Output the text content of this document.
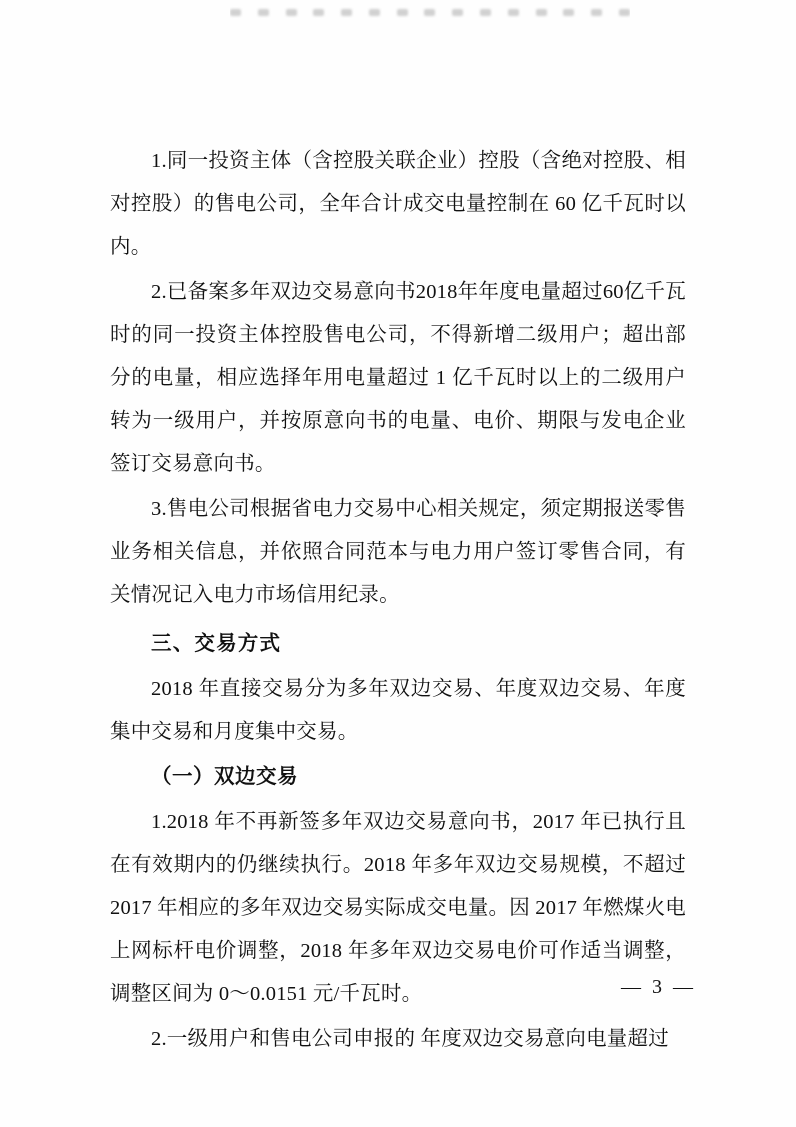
1.同一投资主体（含控股关联企业）控股（含绝对控股、相对控股）的售电公司，全年合计成交电量控制在 60 亿千瓦时以内。

2.已备案多年双边交易意向书2018年年度电量超过60亿千瓦时的同一投资主体控股售电公司，不得新增二级用户；超出部分的电量，相应选择年用电量超过 1 亿千瓦时以上的二级用户转为一级用户，并按原意向书的电量、电价、期限与发电企业签订交易意向书。

3.售电公司根据省电力交易中心相关规定，须定期报送零售业务相关信息，并依照合同范本与电力用户签订零售合同，有关情况记入电力市场信用纪录。

三、交易方式

2018 年直接交易分为多年双边交易、年度双边交易、年度集中交易和月度集中交易。

（一）双边交易

1.2018 年不再新签多年双边交易意向书，2017 年已执行且在有效期内的仍继续执行。2018 年多年双边交易规模，不超过 2017 年相应的多年双边交易实际成交电量。因 2017 年燃煤火电上网标杆电价调整，2018 年多年双边交易电价可作适当调整，调整区间为 0～0.0151 元/千瓦时。

2.一级用户和售电公司申报的 年度双边交易意向电量超过

— 3 —
